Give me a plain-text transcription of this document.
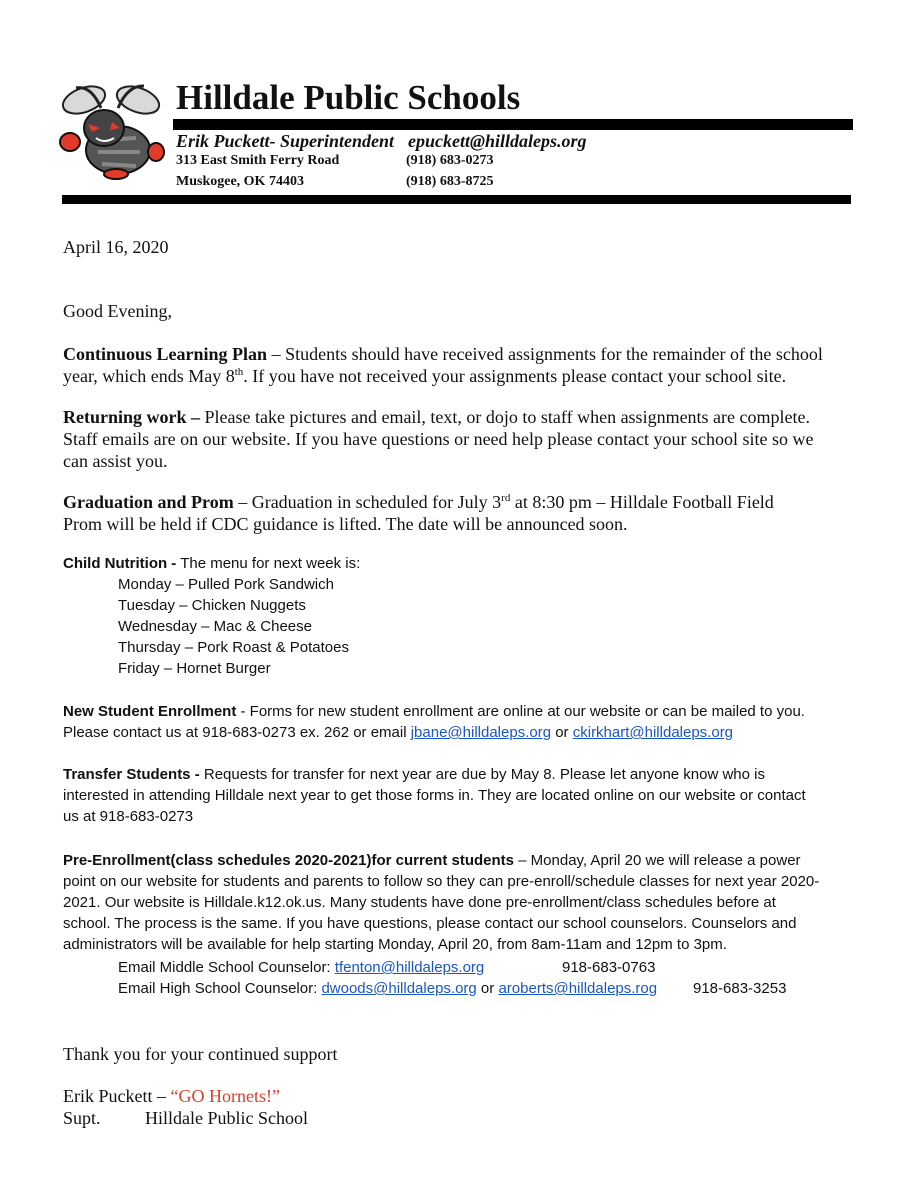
Hilldale Public Schools
Erik Puckett- Superintendent epuckett@hilldaleps.org
313 East Smith Ferry Road	(918) 683-0273
Muskogee, OK 74403	(918) 683-8725
April 16, 2020
Good Evening,
Continuous Learning Plan – Students should have received assignments for the remainder of the school
year, which ends May 8th. If you have not received your assignments please contact your school site.
Returning work – Please take pictures and email, text, or dojo to staff when assignments are complete.
Staff emails are on our website. If you have questions or need help please contact your school site so we
can assist you.
Graduation and Prom – Graduation in scheduled for July 3rd at 8:30 pm – Hilldale Football Field
Prom will be held if CDC guidance is lifted. The date will be announced soon.
Child Nutrition - The menu for next week is:
Monday – Pulled Pork Sandwich
Tuesday – Chicken Nuggets
Wednesday – Mac & Cheese
Thursday – Pork Roast & Potatoes
Friday – Hornet Burger
New Student Enrollment - Forms for new student enrollment are online at our website or can be mailed to you.
Please contact us at 918-683-0273 ex. 262 or email jbane@hilldaleps.org or ckirkhart@hilldaleps.org
Transfer Students - Requests for transfer for next year are due by May 8. Please let anyone know who is
interested in attending Hilldale next year to get those forms in. They are located online on our website or contact
us at 918-683-0273
Pre-Enrollment(class schedules 2020-2021)for current students – Monday, April 20 we will release a power
point on our website for students and parents to follow so they can pre-enroll/schedule classes for next year 2020-
2021. Our website is Hilldale.k12.ok.us. Many students have done pre-enrollment/class schedules before at
school. The process is the same. If you have questions, please contact our school counselors. Counselors and
administrators will be available for help starting Monday, April 20, from 8am-11am and 12pm to 3pm.
Email Middle School Counselor: tfenton@hilldaleps.org	918-683-0763
Email High School Counselor: dwoods@hilldaleps.org or aroberts@hilldaleps.rog 918-683-3253
Thank you for your continued support
Erik Puckett – “GO Hornets!”
Supt. Hilldale Public School
